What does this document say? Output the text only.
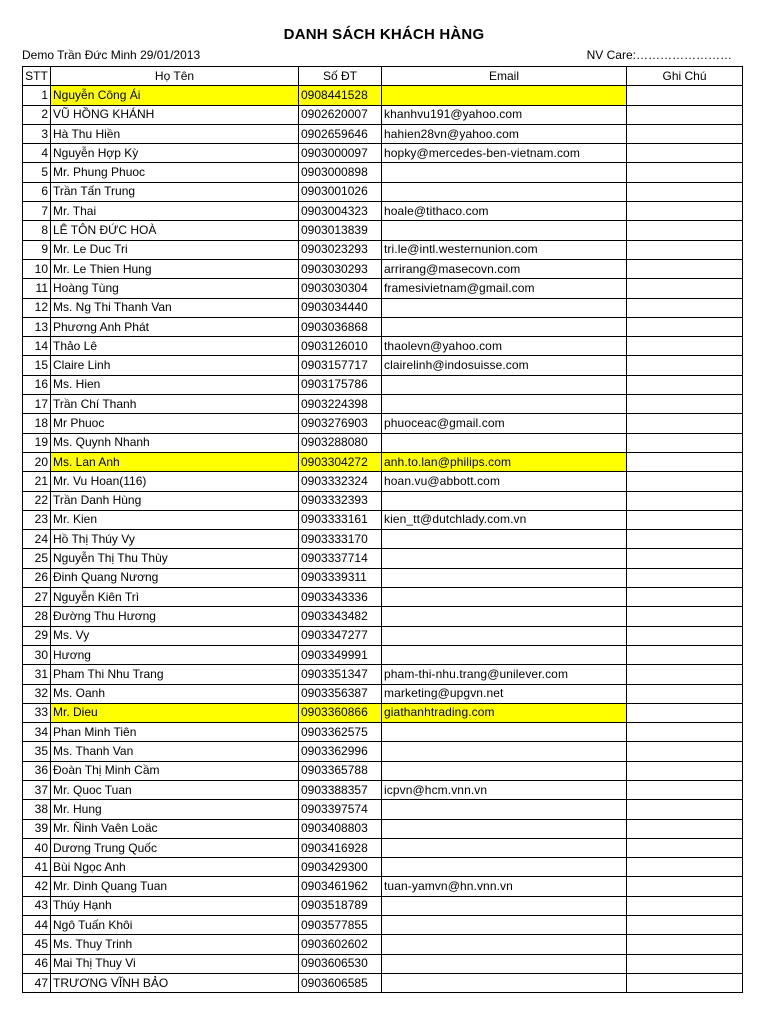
DANH SÁCH KHÁCH HÀNG
Demo Trần Đức Minh 29/01/2013	NV Care:……………………
STT	Họ Tên	Số ĐT	Email	Ghi Chú
1	Nguyễn Công Ái	0908441528		
2	VŨ HỒNG KHÁNH	0902620007	khanhvu191@yahoo.com	
3	Hà Thu Hiền	0902659646	hahien28vn@yahoo.com	
4	Nguyễn Hợp Kỳ	0903000097	hopky@mercedes-ben-vietnam.com	
5	Mr. Phung Phuoc	0903000898		
6	Trần Tấn Trung	0903001026		
7	Mr. Thai	0903004323	hoale@tithaco.com	
8	LÊ TÔN ĐỨC HOÀ	0903013839		
9	Mr. Le Duc Tri	0903023293	tri.le@intl.westernunion.com	
10	Mr. Le Thien Hung	0903030293	arrirang@masecovn.com	
11	Hoàng Tùng	0903030304	framesivietnam@gmail.com	
12	Ms. Ng Thi Thanh Van	0903034440		
13	Phương Anh Phát	0903036868		
14	Thảo Lê	0903126010	thaolevn@yahoo.com	
15	Claire Linh	0903157717	clairelinh@indosuisse.com	
16	Ms. Hien	0903175786		
17	Trần Chí Thanh	0903224398		
18	Mr Phuoc	0903276903	phuoceac@gmail.com	
19	Ms. Quynh Nhanh	0903288080		
20	Ms. Lan Anh	0903304272	anh.to.lan@philips.com	
21	Mr. Vu Hoan(116)	0903332324	hoan.vu@abbott.com	
22	Trần Danh Hùng	0903332393		
23	Mr. Kien	0903333161	kien_tt@dutchlady.com.vn	
24	Hồ Thị Thúy Vy	0903333170		
25	Nguyễn Thị Thu Thùy	0903337714		
26	Đinh Quang Nương	0903339311		
27	Nguyễn Kiên Trì	0903343336		
28	Đường Thu Hương	0903343482		
29	Ms. Vy	0903347277		
30	Hương	0903349991		
31	Pham Thi Nhu Trang	0903351347	pham-thi-nhu.trang@unilever.com	
32	Ms. Oanh	0903356387	marketing@upgvn.net	
33	Mr. Dieu	0903360866	giathanhtrading.com	
34	Phan Minh Tiên	0903362575		
35	Ms. Thanh Van	0903362996		
36	Đoàn Thị Minh Cầm	0903365788		
37	Mr. Quoc Tuan	0903388357	icpvn@hcm.vnn.vn	
38	Mr. Hung	0903397574		
39	Mr. Ñinh Vaên Loäc	0903408803		
40	Dương Trung Quốc	0903416928		
41	Bùi Ngọc Anh	0903429300		
42	Mr. Dinh Quang Tuan	0903461962	tuan-yamvn@hn.vnn.vn	
43	Thúy Hạnh	0903518789		
44	Ngô Tuấn Khôi	0903577855		
45	Ms. Thuy Trinh	0903602602		
46	Mai Thị Thuy Vi	0903606530		
47	TRƯƠNG VĨNH BẢO	0903606585		
